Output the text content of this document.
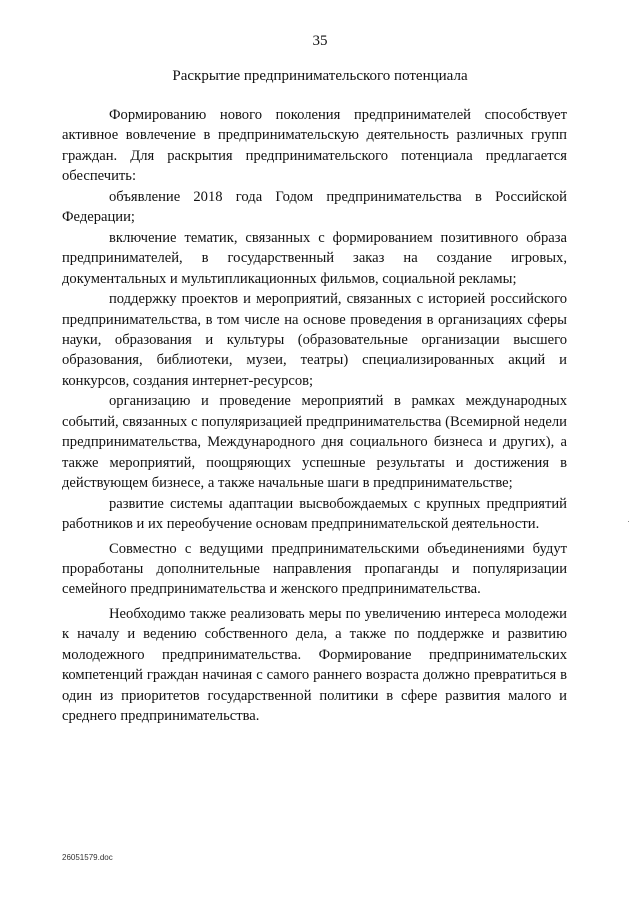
35
Раскрытие предпринимательского потенциала

Формированию нового поколения предпринимателей способствует активное вовлечение в предпринимательскую деятельность различных групп граждан. Для раскрытия предпринимательского потенциала предлагается обеспечить:

объявление 2018 года Годом предпринимательства в Российской Федерации;

включение тематик, связанных с формированием позитивного образа предпринимателей, в государственный заказ на создание игровых, документальных и мультипликационных фильмов, социальной рекламы;

поддержку проектов и мероприятий, связанных с историей российского предпринимательства, в том числе на основе проведения в организациях сферы науки, образования и культуры (образовательные организации высшего образования, библиотеки, музеи, театры) специализированных акций и конкурсов, создания интернет-ресурсов;

организацию и проведение мероприятий в рамках международных событий, связанных с популяризацией предпринимательства (Всемирной недели предпринимательства, Международного дня социального бизнеса и других), а также мероприятий, поощряющих успешные результаты и достижения в действующем бизнесе, а также начальные шаги в предпринимательстве;

развитие системы адаптации высвобождаемых с крупных предприятий работников и их переобучение основам предпринимательской деятельности.

Совместно с ведущими предпринимательскими объединениями будут проработаны дополнительные направления пропаганды и популяризации семейного предпринимательства и женского предпринимательства.

Необходимо также реализовать меры по увеличению интереса молодежи к началу и ведению собственного дела, а также по поддержке и развитию молодежного предпринимательства. Формирование предпринимательских компетенций граждан начиная с самого раннего возраста должно превратиться в один из приоритетов государственной политики в сфере развития малого и среднего предпринимательства.

·
26051579.doc
